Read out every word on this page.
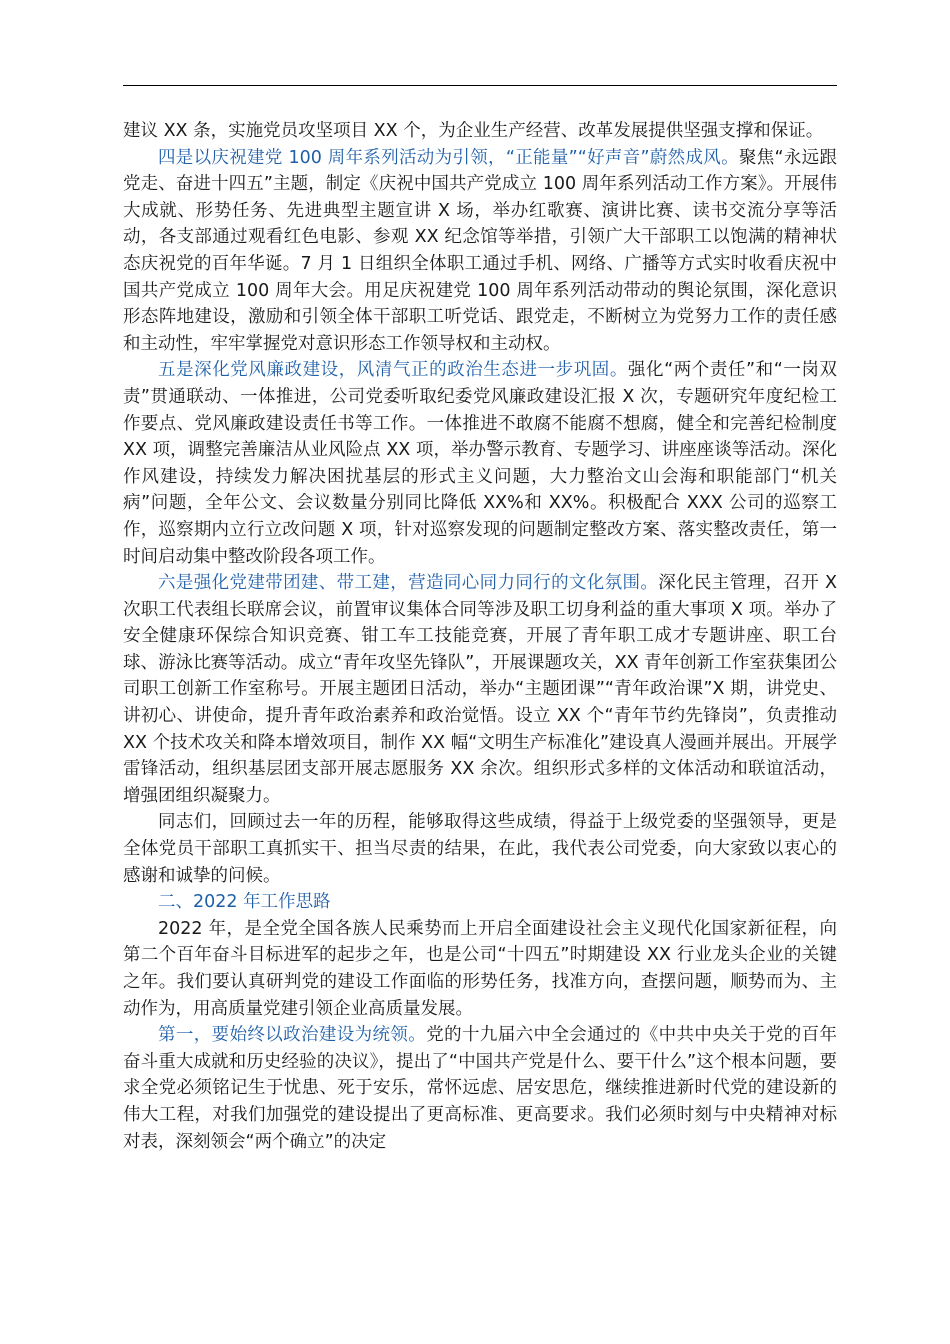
建议 XX 条，实施党员攻坚项目 XX 个，为企业生产经营、改革发展提供坚强支撑和保证。

四是以庆祝建党 100 周年系列活动为引领，“正能量”“好声音”蔚然成风。聚焦“永远跟党走、奋进十四五”主题，制定《庆祝中国共产党成立 100 周年系列活动工作方案》。开展伟大成就、形势任务、先进典型主题宣讲 X 场，举办红歌赛、演讲比赛、读书交流分享等活动，各支部通过观看红色电影、参观 XX 纪念馆等举措，引领广大干部职工以饱满的精神状态庆祝党的百年华诞。7 月 1 日组织全体职工通过手机、网络、广播等方式实时收看庆祝中国共产党成立 100 周年大会。用足庆祝建党 100 周年系列活动带动的舆论氛围，深化意识形态阵地建设，激励和引领全体干部职工听党话、跟党走，不断树立为党努力工作的责任感和主动性，牢牢掌握党对意识形态工作领导权和主动权。

五是深化党风廉政建设，风清气正的政治生态进一步巩固。强化“两个责任”和“一岗双责”贯通联动、一体推进，公司党委听取纪委党风廉政建设汇报 X 次，专题研究年度纪检工作要点、党风廉政建设责任书等工作。一体推进不敢腐不能腐不想腐，健全和完善纪检制度 XX 项，调整完善廉洁从业风险点 XX 项，举办警示教育、专题学习、讲座座谈等活动。深化作风建设，持续发力解决困扰基层的形式主义问题，大力整治文山会海和职能部门“机关病”问题，全年公文、会议数量分别同比降低 XX%和 XX%。积极配合 XXX 公司的巡察工作，巡察期内立行立改问题 X 项，针对巡察发现的问题制定整改方案、落实整改责任，第一时间启动集中整改阶段各项工作。

六是强化党建带团建、带工建，营造同心同力同行的文化氛围。深化民主管理，召开 X 次职工代表组长联席会议，前置审议集体合同等涉及职工切身利益的重大事项 X 项。举办了安全健康环保综合知识竞赛、钳工车工技能竞赛，开展了青年职工成才专题讲座、职工台球、游泳比赛等活动。成立“青年攻坚先锋队”，开展课题攻关，XX 青年创新工作室获集团公司职工创新工作室称号。开展主题团日活动，举办“主题团课”“青年政治课”X 期，讲党史、讲初心、讲使命，提升青年政治素养和政治觉悟。设立 XX 个“青年节约先锋岗”，负责推动 XX 个技术攻关和降本增效项目，制作 XX 幅“文明生产标准化”建设真人漫画并展出。开展学雷锋活动，组织基层团支部开展志愿服务 XX 余次。组织形式多样的文体活动和联谊活动，增强团组织凝聚力。

同志们，回顾过去一年的历程，能够取得这些成绩，得益于上级党委的坚强领导，更是全体党员干部职工真抓实干、担当尽责的结果，在此，我代表公司党委，向大家致以衷心的感谢和诚挚的问候。

二、2022 年工作思路

2022 年，是全党全国各族人民乘势而上开启全面建设社会主义现代化国家新征程，向第二个百年奋斗目标进军的起步之年，也是公司“十四五”时期建设 XX 行业龙头企业的关键之年。我们要认真研判党的建设工作面临的形势任务，找准方向，查摆问题，顺势而为、主动作为，用高质量党建引领企业高质量发展。

第一，要始终以政治建设为统领。党的十九届六中全会通过的《中共中央关于党的百年奋斗重大成就和历史经验的决议》，提出了“中国共产党是什么、要干什么”这个根本问题，要求全党必须铭记生于忧患、死于安乐，常怀远虑、居安思危，继续推进新时代党的建设新的伟大工程，对我们加强党的建设提出了更高标准、更高要求。我们必须时刻与中央精神对标对表，深刻领会“两个确立”的决定
